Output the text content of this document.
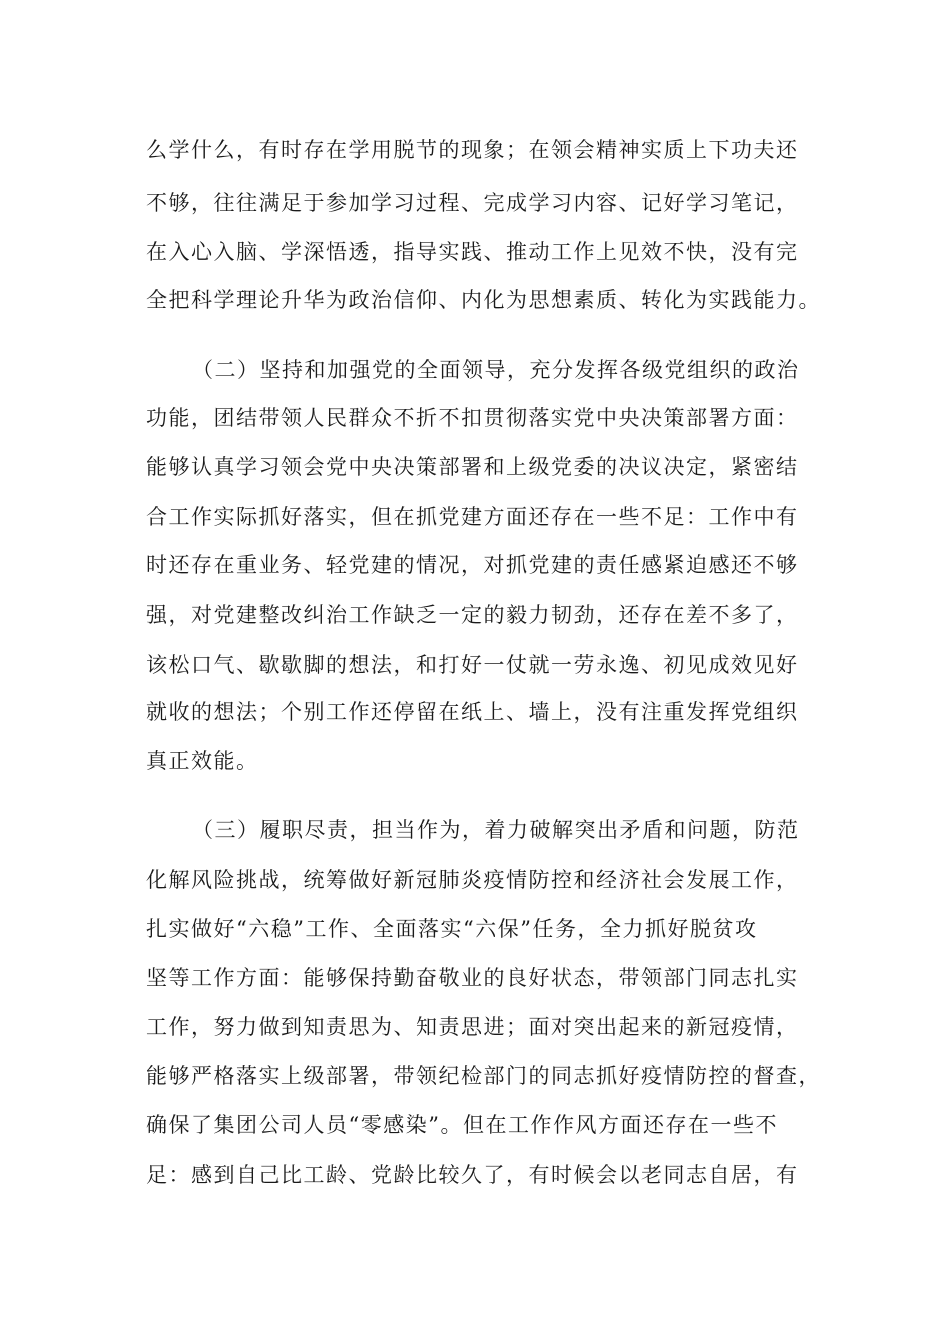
么学什么，有时存在学用脱节的现象；在领会精神实质上下功夫还
不够，往往满足于参加学习过程、完成学习内容、记好学习笔记，
在入心入脑、学深悟透，指导实践、推动工作上见效不快，没有完
全把科学理论升华为政治信仰、内化为思想素质、转化为实践能力。
（二）坚持和加强党的全面领导，充分发挥各级党组织的政治
功能，团结带领人民群众不折不扣贯彻落实党中央决策部署方面：
能够认真学习领会党中央决策部署和上级党委的决议决定，紧密结
合工作实际抓好落实，但在抓党建方面还存在一些不足：工作中有
时还存在重业务、轻党建的情况，对抓党建的责任感紧迫感还不够
强，对党建整改纠治工作缺乏一定的毅力韧劲，还存在差不多了，
该松口气、歇歇脚的想法，和打好一仗就一劳永逸、初见成效见好
就收的想法；个别工作还停留在纸上、墙上，没有注重发挥党组织
真正效能。
（三）履职尽责，担当作为，着力破解突出矛盾和问题，防范
化解风险挑战，统筹做好新冠肺炎疫情防控和经济社会发展工作，
扎实做好“六稳”工作、全面落实“六保”任务，全力抓好脱贫攻
坚等工作方面：能够保持勤奋敬业的良好状态，带领部门同志扎实
工作，努力做到知责思为、知责思进；面对突出起来的新冠疫情，
能够严格落实上级部署，带领纪检部门的同志抓好疫情防控的督查，
确保了集团公司人员“零感染”。但在工作作风方面还存在一些不
足：感到自己比工龄、党龄比较久了，有时候会以老同志自居，有
